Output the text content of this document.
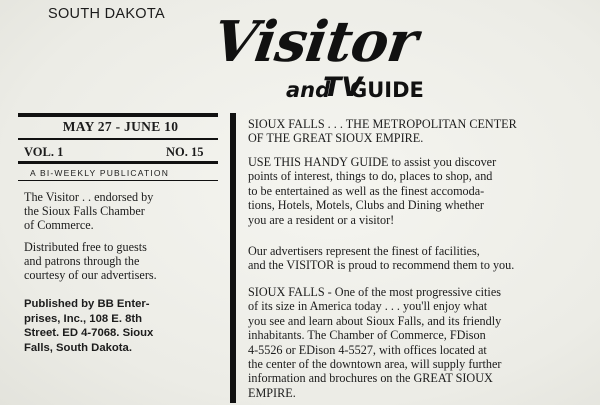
SOUTH DAKOTA Visitor
and
TV
GUIDE
MAY 27 - JUNE 10
VOL. 1	NO. 15
A BI-WEEKLY PUBLICATION

The Visitor . . endorsed by
the Sioux Falls Chamber
of Commerce.

Distributed free to guests
and patrons through the
courtesy of our advertisers.

Published by BB Enter-
prises, Inc., 108 E. 8th
Street. ED 4-7068. Sioux
Falls, South Dakota.

SIOUX FALLS . . . THE METROPOLITAN CENTER
OF THE GREAT SIOUX EMPIRE.

USE THIS HANDY GUIDE to assist you discover
points of interest, things to do, places to shop, and
to be entertained as well as the finest accomoda-
tions, Hotels, Motels, Clubs and Dining whether
you are a resident or a visitor!

Our advertisers represent the finest of facilities,
and the VISITOR is proud to recommend them to you.

SIOUX FALLS - One of the most progressive cities
of its size in America today . . . you'll enjoy what
you see and learn about Sioux Falls, and its friendly
inhabitants. The Chamber of Commerce, FDison
4-5526 or EDison 4-5527, with offices located at
the center of the downtown area, will supply further
information and brochures on the GREAT SIOUX
EMPIRE.
